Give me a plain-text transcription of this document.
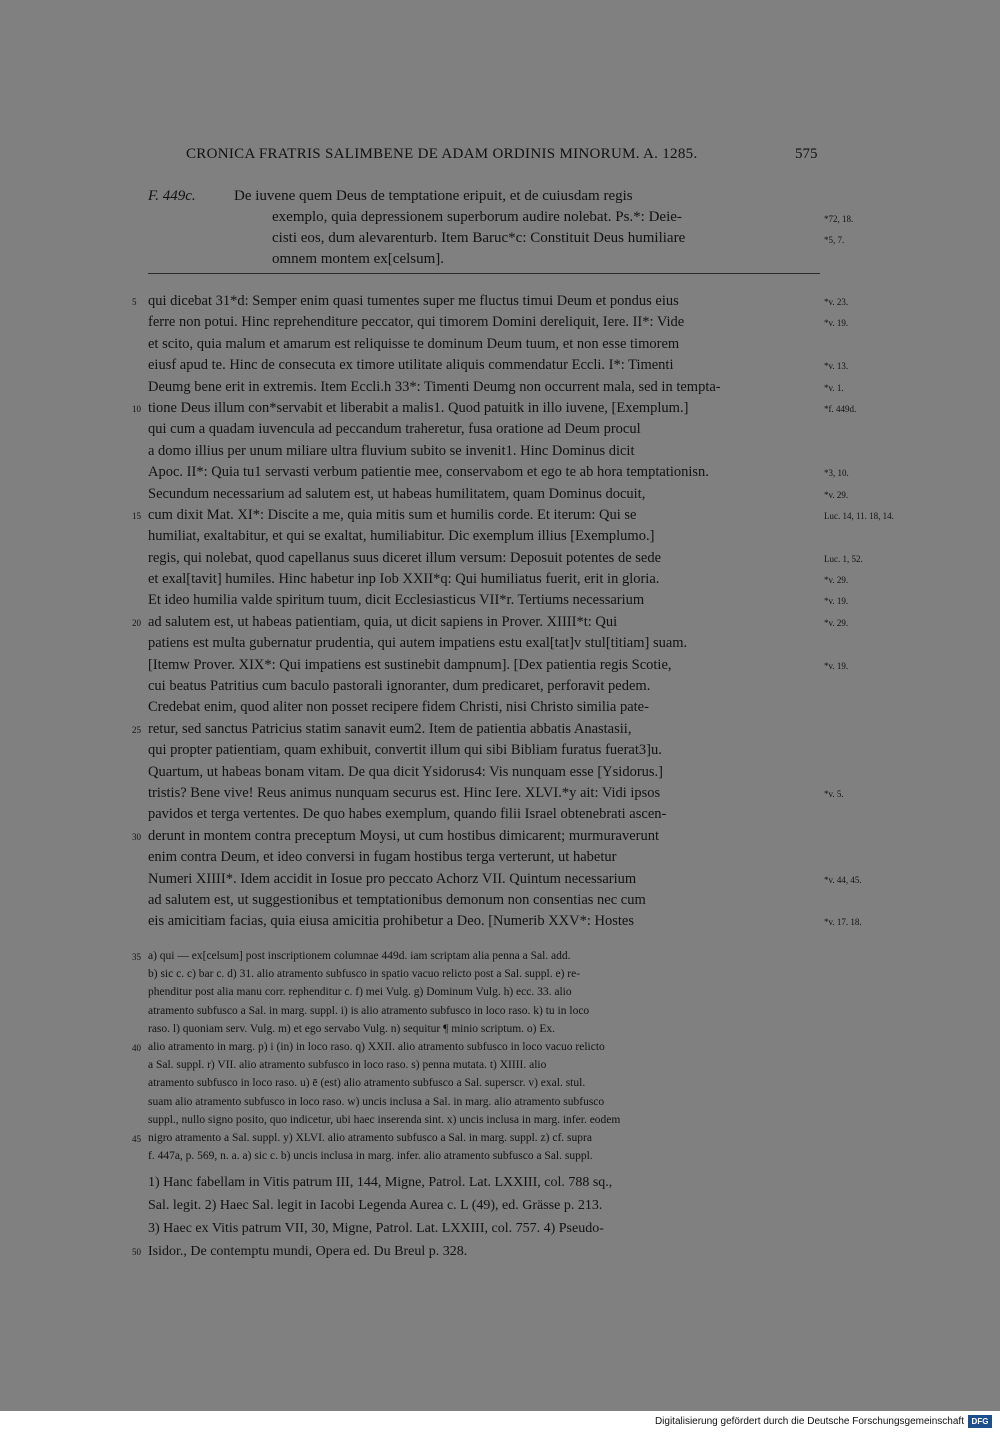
CRONICA FRATRIS SALIMBENE DE ADAM ORDINIS MINORUM. A. 1285.	575
F. 449c.	De iuvene quem Deus de temptatione eripuit, et de cuiusdam regis
exemplo, quia depressionem superborum audire nolebat. Ps.*: Deie-	*72, 18.
cisti eos, dum alevarenturb. Item Baruc*c: Constituit Deus humiliare	*5, 7.
omnem montem ex[celsum].
5 qui dicebat 31*d: Semper enim quasi tumentes super me fluctus timui Deum et pondus eius	*v. 23.
ferre non potui. Hinc reprehenditure peccator, qui timorem Domini dereliquit, Iere. II*: Vide	*v. 19.
et scito, quia malum et amarum est reliquisse te dominum Deum tuum, et non esse timorem
eiusf apud te. Hinc de consecuta ex timore utilitate aliquis commendatur Eccli. I*: Timenti	*v. 13.
Deumg bene erit in extremis. Item Eccli.h 33*: Timenti Deumg non occurrent mala, sed in tempta-	*v. 1.
10 tione Deus illum con*servabit et liberabit a malis1. Quod patuitk in illo iuvene, [Exemplum.]	*f. 449d.
qui cum a quadam iuvencula ad peccandum traheretur, fusa oratione ad Deum procul
a domo illius per unum miliare ultra fluvium subito se invenit1. Hinc Dominus dicit
Apoc. II*: Quia tu1 servasti verbum patientie mee, conservabom et ego te ab hora temptationisn.	*3, 10.
Secundum necessarium ad salutem est, ut habeas humilitatem, quam Dominus docuit,	*v. 29.
15 cum dixit Mat. XI*: Discite a me, quia mitis sum et humilis corde. Et iterum: Qui se	Luc. 14, 11. 18, 14.
humiliat, exaltabitur, et qui se exaltat, humiliabitur. Dic exemplum illius [Exemplumo.]
regis, qui nolebat, quod capellanus suus diceret illum versum: Deposuit potentes de sede	Luc. 1, 52.
et exal[tavit] humiles. Hinc habetur inp Iob XXII*q: Qui humiliatus fuerit, erit in gloria.	*v. 29.
Et ideo humilia valde spiritum tuum, dicit Ecclesiasticus VII*r. Tertiums necessarium	*v. 19.
20 ad salutem est, ut habeas patientiam, quia, ut dicit sapiens in Prover. XIIII*t: Qui	*v. 29.
patiens est multa gubernatur prudentia, qui autem impatiens estu exal[tat]v stul[titiam] suam.
[Itemw Prover. XIX*: Qui impatiens est sustinebit dampnum]. [Dex patientia regis Scotie,	*v. 19.
cui beatus Patritius cum baculo pastorali ignoranter, dum predicaret, perforavit pedem.
Credebat enim, quod aliter non posset recipere fidem Christi, nisi Christo similia pate-
25 retur, sed sanctus Patricius statim sanavit eum2. Item de patientia abbatis Anastasii,
qui propter patientiam, quam exhibuit, convertit illum qui sibi Bibliam furatus fuerat3]u.
Quartum, ut habeas bonam vitam. De qua dicit Ysidorus4: Vis nunquam esse [Ysidorus.]
tristis? Bene vive! Reus animus nunquam securus est. Hinc Iere. XLVI.*y ait: Vidi ipsos	*v. 5.
pavidos et terga vertentes. De quo habes exemplum, quando filii Israel obtenebrati ascen-
30 derunt in montem contra preceptum Moysi, ut cum hostibus dimicarent; murmuraverunt
enim contra Deum, et ideo conversi in fugam hostibus terga verterunt, ut habetur
Numeri XIIII*. Idem accidit in Iosue pro peccato Achorz VII. Quintum necessarium	*v. 44, 45.
ad salutem est, ut suggestionibus et temptationibus demonum non consentias nec cum
eis amicitiam facias, quia eiusa amicitia prohibetur a Deo. [Numerib XXV*: Hostes	*v. 17. 18.
35 a) qui — ex[celsum] post inscriptionem columnae 449d. iam scriptam alia penna a Sal. add.
b) sic c. c) bar c. d) 31. alio atramento subfusco in spatio vacuo relicto post a Sal. suppl. e) re-
phenditur post alia manu corr. rephenditur c. f) mei Vulg. g) Dominum Vulg. h) ecc. 33. alio
atramento subfusco a Sal. in marg. suppl. i) is alio atramento subfusco in loco raso. k) tu in loco
raso. l) quoniam serv. Vulg. m) et ego servabo Vulg. n) sequitur ¶ minio scriptum. o) Ex.
40 alio atramento in marg. p) i (in) in loco raso. q) XXII. alio atramento subfusco in loco vacuo relicto
a Sal. suppl. r) VII. alio atramento subfusco in loco raso. s) penna mutata. t) XIIII. alio
atramento subfusco in loco raso. u) ē (est) alio atramento subfusco a Sal. superscr. v) exal. stul.
suam alio atramento subfusco in loco raso. w) uncis inclusa a Sal. in marg. alio atramento subfusco
suppl., nullo signo posito, quo indicetur, ubi haec inserenda sint. x) uncis inclusa in marg. infer. eodem
45 nigro atramento a Sal. suppl. y) XLVI. alio atramento subfusco a Sal. in marg. suppl. z) cf. supra
f. 447a, p. 569, n. a. a) sic c. b) uncis inclusa in marg. infer. alio atramento subfusco a Sal. suppl.
1) Hanc fabellam in Vitis patrum III, 144, Migne, Patrol. Lat. LXXIII, col. 788 sq.,
Sal. legit. 2) Haec Sal. legit in Iacobi Legenda Aurea c. L (49), ed. Grässe p. 213.
3) Haec ex Vitis patrum VII, 30, Migne, Patrol. Lat. LXXIII, col. 757. 4) Pseudo-
50 Isidor., De contemptu mundi, Opera ed. Du Breul p. 328.
Digitalisierung gefördert durch die Deutsche Forschungsgemeinschaft DFG
